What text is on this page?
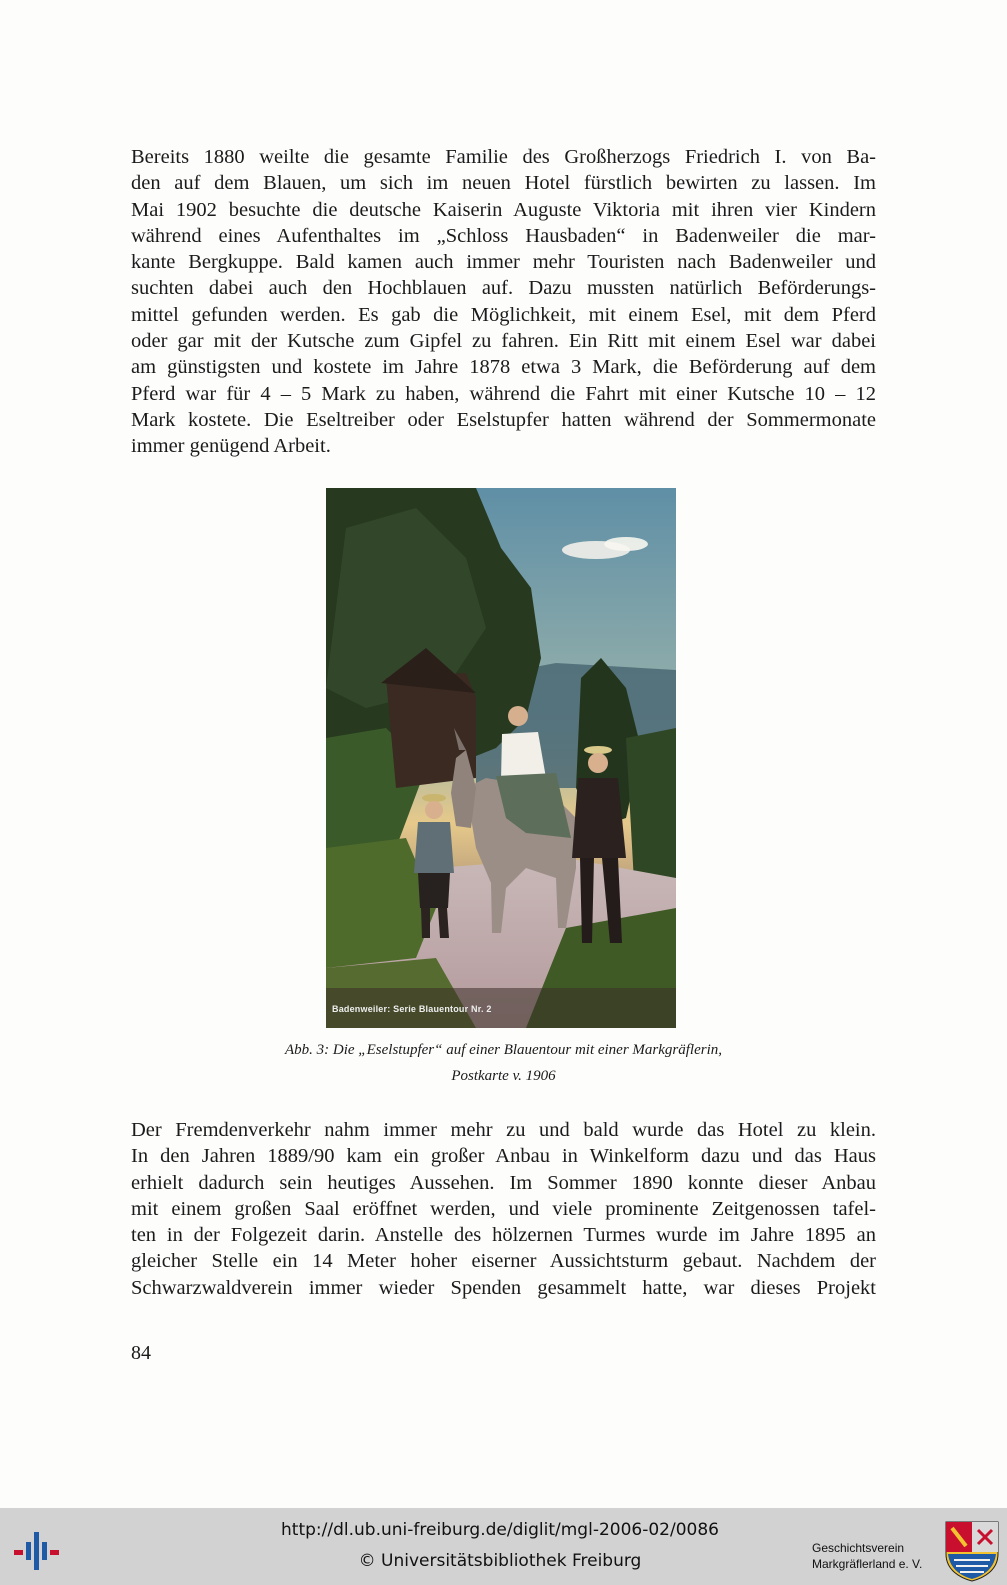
Bereits 1880 weilte die gesamte Familie des Großherzogs Friedrich I. von Ba-
den auf dem Blauen, um sich im neuen Hotel fürstlich bewirten zu lassen. Im
Mai 1902 besuchte die deutsche Kaiserin Auguste Viktoria mit ihren vier Kindern
während eines Aufenthaltes im „Schloss Hausbaden“ in Badenweiler die mar-
kante Bergkuppe. Bald kamen auch immer mehr Touristen nach Badenweiler und
suchten dabei auch den Hochblauen auf. Dazu mussten natürlich Beförderungs-
mittel gefunden werden. Es gab die Möglichkeit, mit einem Esel, mit dem Pferd
oder gar mit der Kutsche zum Gipfel zu fahren. Ein Ritt mit einem Esel war dabei
am günstigsten und kostete im Jahre 1878 etwa 3 Mark, die Beförderung auf dem
Pferd war für 4 – 5 Mark zu haben, während die Fahrt mit einer Kutsche 10 – 12
Mark kostete. Die Eseltreiber oder Eselstupfer hatten während der Sommermonate
immer genügend Arbeit.

Badenweiler: Serie Blauentour Nr. 2
Abb. 3: Die „Eselstupfer“ auf einer Blauentour mit einer Markgräflerin,
Postkarte v. 1906

Der Fremdenverkehr nahm immer mehr zu und bald wurde das Hotel zu klein.
In den Jahren 1889/90 kam ein großer Anbau in Winkelform dazu und das Haus
erhielt dadurch sein heutiges Aussehen. Im Sommer 1890 konnte dieser Anbau
mit einem großen Saal eröffnet werden, und viele prominente Zeitgenossen tafel-
ten in der Folgezeit darin. Anstelle des hölzernen Turmes wurde im Jahre 1895 an
gleicher Stelle ein 14 Meter hoher eiserner Aussichtsturm gebaut. Nachdem der
Schwarzwaldverein immer wieder Spenden gesammelt hatte, war dieses Projekt

84
http://dl.ub.uni-freiburg.de/diglit/mgl-2006-02/0086
© Universitätsbibliothek Freiburg
Geschichtsverein
Markgräflerland e. V.
